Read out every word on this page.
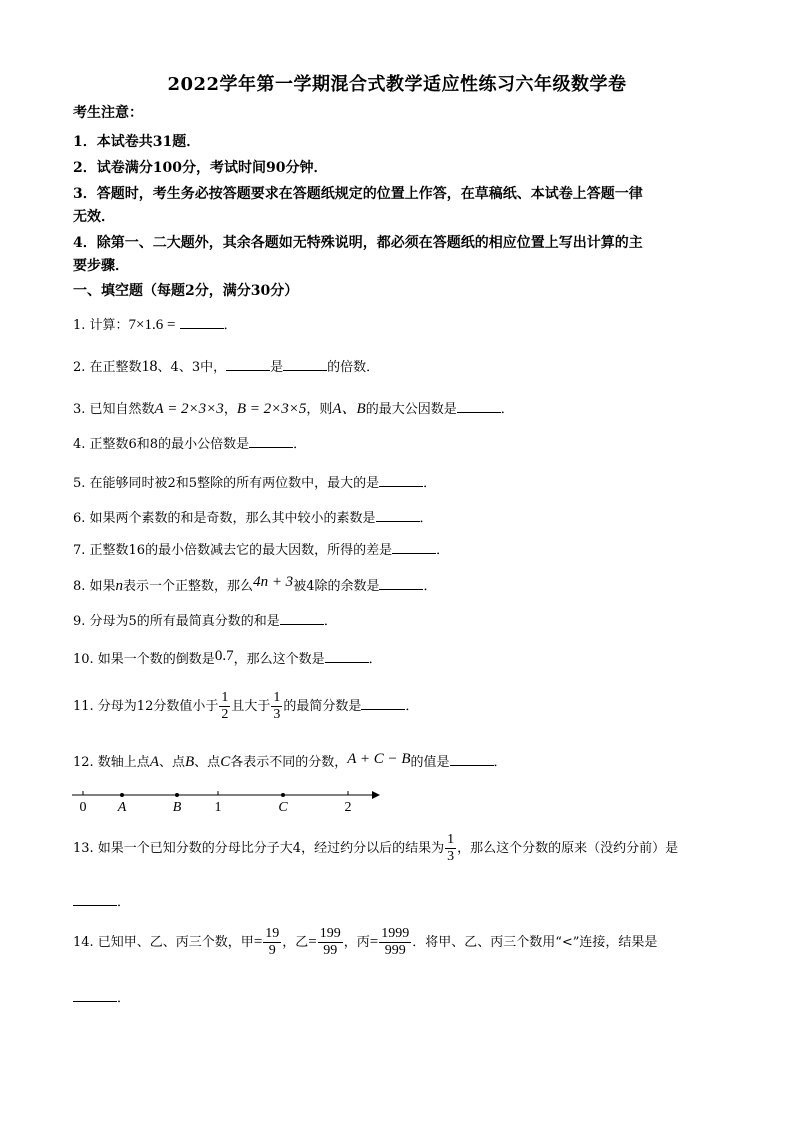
2022学年第一学期混合式教学适应性练习六年级数学卷
考生注意：
1．本试卷共31题．
2．试卷满分100分，考试时间90分钟．
3．答题时，考生务必按答题要求在答题纸规定的位置上作答，在草稿纸、本试卷上答题一律
无效．
4．除第一、二大题外，其余各题如无特殊说明，都必须在答题纸的相应位置上写出计算的主
要步骤．
一、填空题（每题2分，满分30分）
1. 计算：7×1.6 =	．
2. 在正整数18、4、3中，	是	的倍数．
3. 已知自然数A = 2×3×3，B = 2×3×5，则A、B的最大公因数是	．
4. 正整数6和8的最小公倍数是	．
5. 在能够同时被2和5整除的所有两位数中，最大的是	．
6. 如果两个素数的和是奇数，那么其中较小的素数是	．
7. 正整数16的最小倍数减去它的最大因数，所得的差是	．
8. 如果n表示一个正整数，那么4n + 3被4除的余数是	．
9. 分母为5的所有最简真分数的和是	．
10. 如果一个数的倒数是0.7，那么这个数是	．
11. 分母为12分数值小于 $\frac{1}{2}$ 且大于 $\frac{1}{3}$ 的最简分数是	．
12. 数轴上点A、点B、点C各表示不同的分数，A + C − B的值是	．
0 A	B 1	C	2
13. 如果一个已知分数的分母比分子大4，经过约分以后的结果为 $\frac{1}{3}$ ，那么这个分数的原来（没约分前）是
．
14. 已知甲、乙、丙三个数，甲= $\frac{19}{9}$ ，乙= $\frac{199}{99}$ ，丙= $\frac{1999}{999}$ ．将甲、乙、丙三个数用“<”连接，结果是
．
